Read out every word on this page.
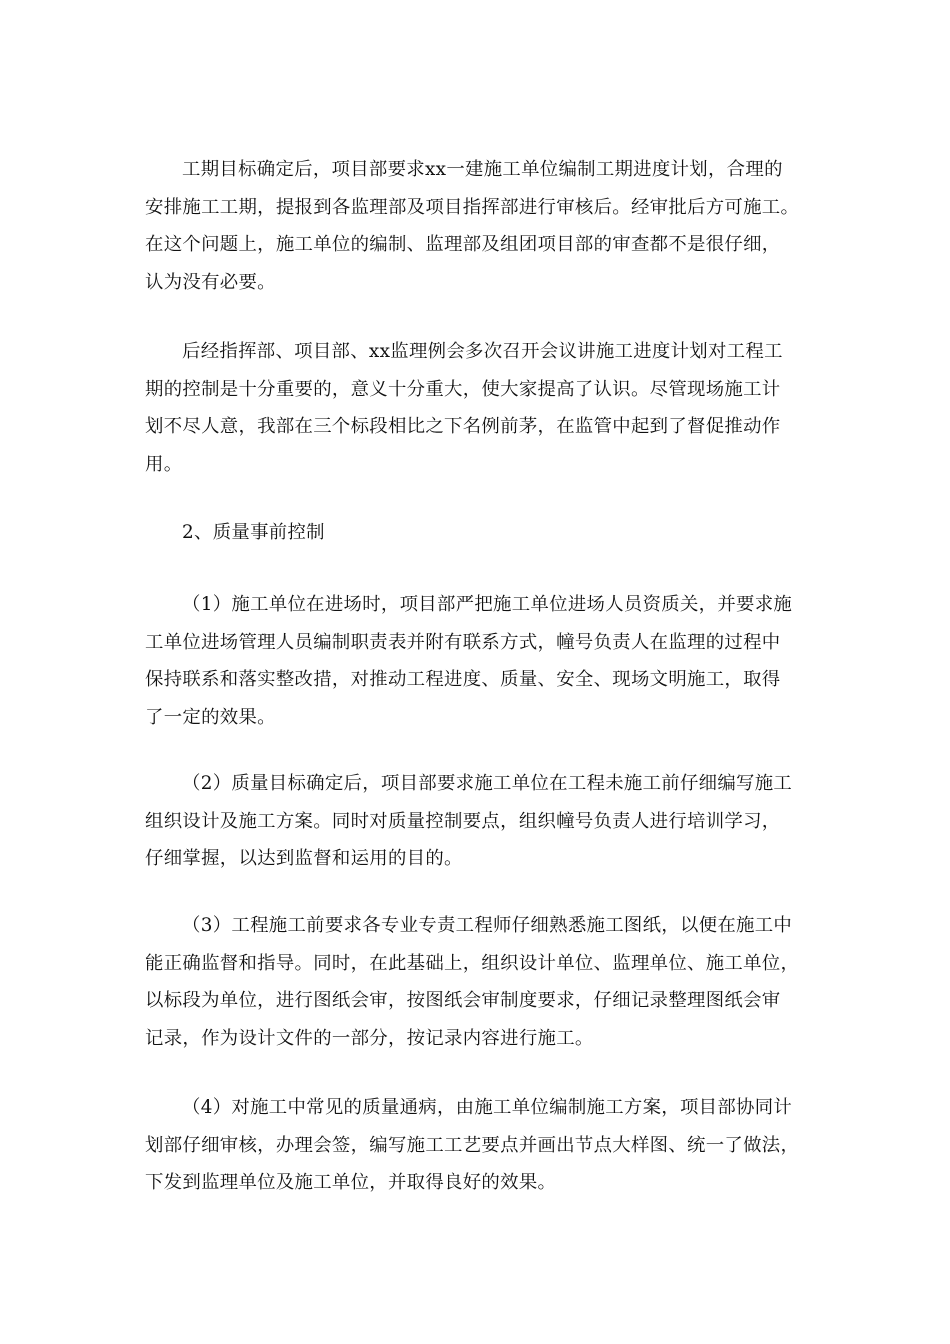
工期目标确定后，项目部要求xx一建施工单位编制工期进度计划，合理的
安排施工工期，提报到各监理部及项目指挥部进行审核后。经审批后方可施工。
在这个问题上，施工单位的编制、监理部及组团项目部的审查都不是很仔细，
认为没有必要。
后经指挥部、项目部、xx监理例会多次召开会议讲施工进度计划对工程工
期的控制是十分重要的，意义十分重大，使大家提高了认识。尽管现场施工计
划不尽人意，我部在三个标段相比之下名例前茅，在监管中起到了督促推动作
用。
2、质量事前控制
（1）施工单位在进场时，项目部严把施工单位进场人员资质关，并要求施
工单位进场管理人员编制职责表并附有联系方式，幢号负责人在监理的过程中
保持联系和落实整改措，对推动工程进度、质量、安全、现场文明施工，取得
了一定的效果。
（2）质量目标确定后，项目部要求施工单位在工程未施工前仔细编写施工
组织设计及施工方案。同时对质量控制要点，组织幢号负责人进行培训学习，
仔细掌握，以达到监督和运用的目的。
（3）工程施工前要求各专业专责工程师仔细熟悉施工图纸，以便在施工中
能正确监督和指导。同时，在此基础上，组织设计单位、监理单位、施工单位，
以标段为单位，进行图纸会审，按图纸会审制度要求，仔细记录整理图纸会审
记录，作为设计文件的一部分，按记录内容进行施工。
（4）对施工中常见的质量通病，由施工单位编制施工方案，项目部协同计
划部仔细审核，办理会签，编写施工工艺要点并画出节点大样图、统一了做法，
下发到监理单位及施工单位，并取得良好的效果。
